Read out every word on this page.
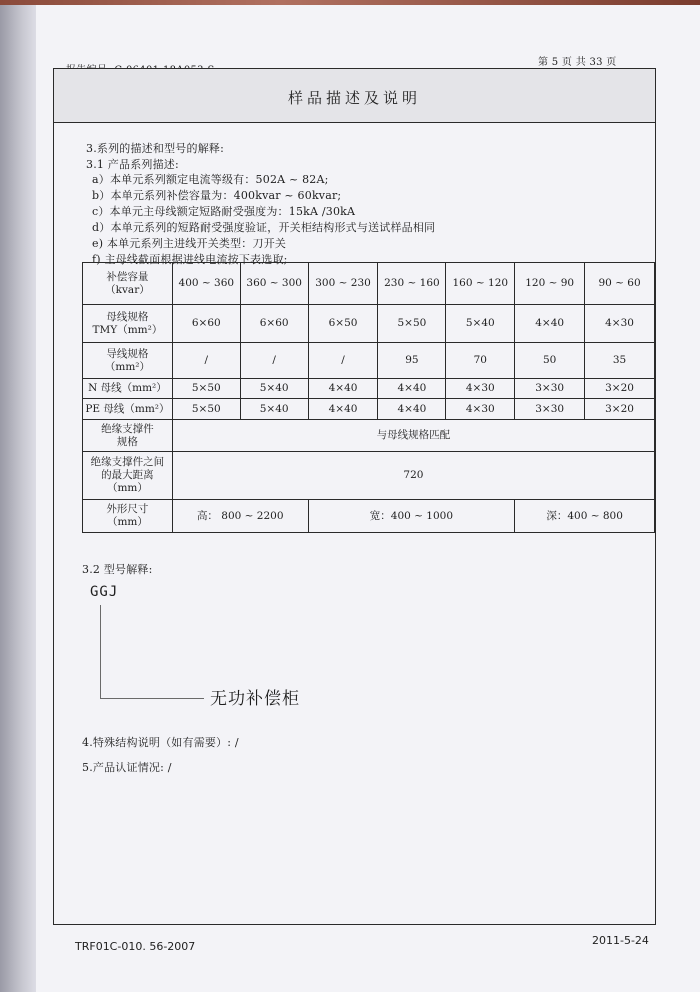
第 5 页 共 33 页
样品描述及说明
3.系列的描述和型号的解释:
3.1 产品系列描述:
a）本单元系列额定电流等级有：502A ~ 82A;
b）本单元系列补偿容量为：400kvar ~ 60kvar;
c）本单元主母线额定短路耐受强度为：15kA /30kA
d）本单元系列的短路耐受强度验证，开关柜结构形式与送试样品相同
e) 本单元系列主进线开关类型：刀开关
f) 主母线截面根据进线电流按下表选取;
补偿容量
（kvar）	400 ~ 360	360 ~ 300	300 ~ 230	230 ~ 160	160 ~ 120	120 ~ 90	90 ~ 60

母线规格
TMY（mm²）	6×60	6×60	6×50	5×50	5×40	4×40	4×30

导线规格
（mm²）	/	/	/	95	70	50	35
N 母线（mm²）	5×50	5×40	4×40	4×40	4×30	3×30	3×20
PE 母线（mm²）	5×50	5×40	4×40	4×40	4×30	3×30	3×20

绝缘支撑件
规格	与母线规格匹配						

绝缘支撑件之间
的最大距离
（mm）	720						

外形尺寸
（mm）	高： 800 ~ 2200		宽：400 ~ 1000			深：400 ~ 800	
3.2 型号解释:
GGJ
无功补偿柜
4.特殊结构说明（如有需要）: /
5.产品认证情况: /
TRF01C-010. 56-2007	2011-5-24
